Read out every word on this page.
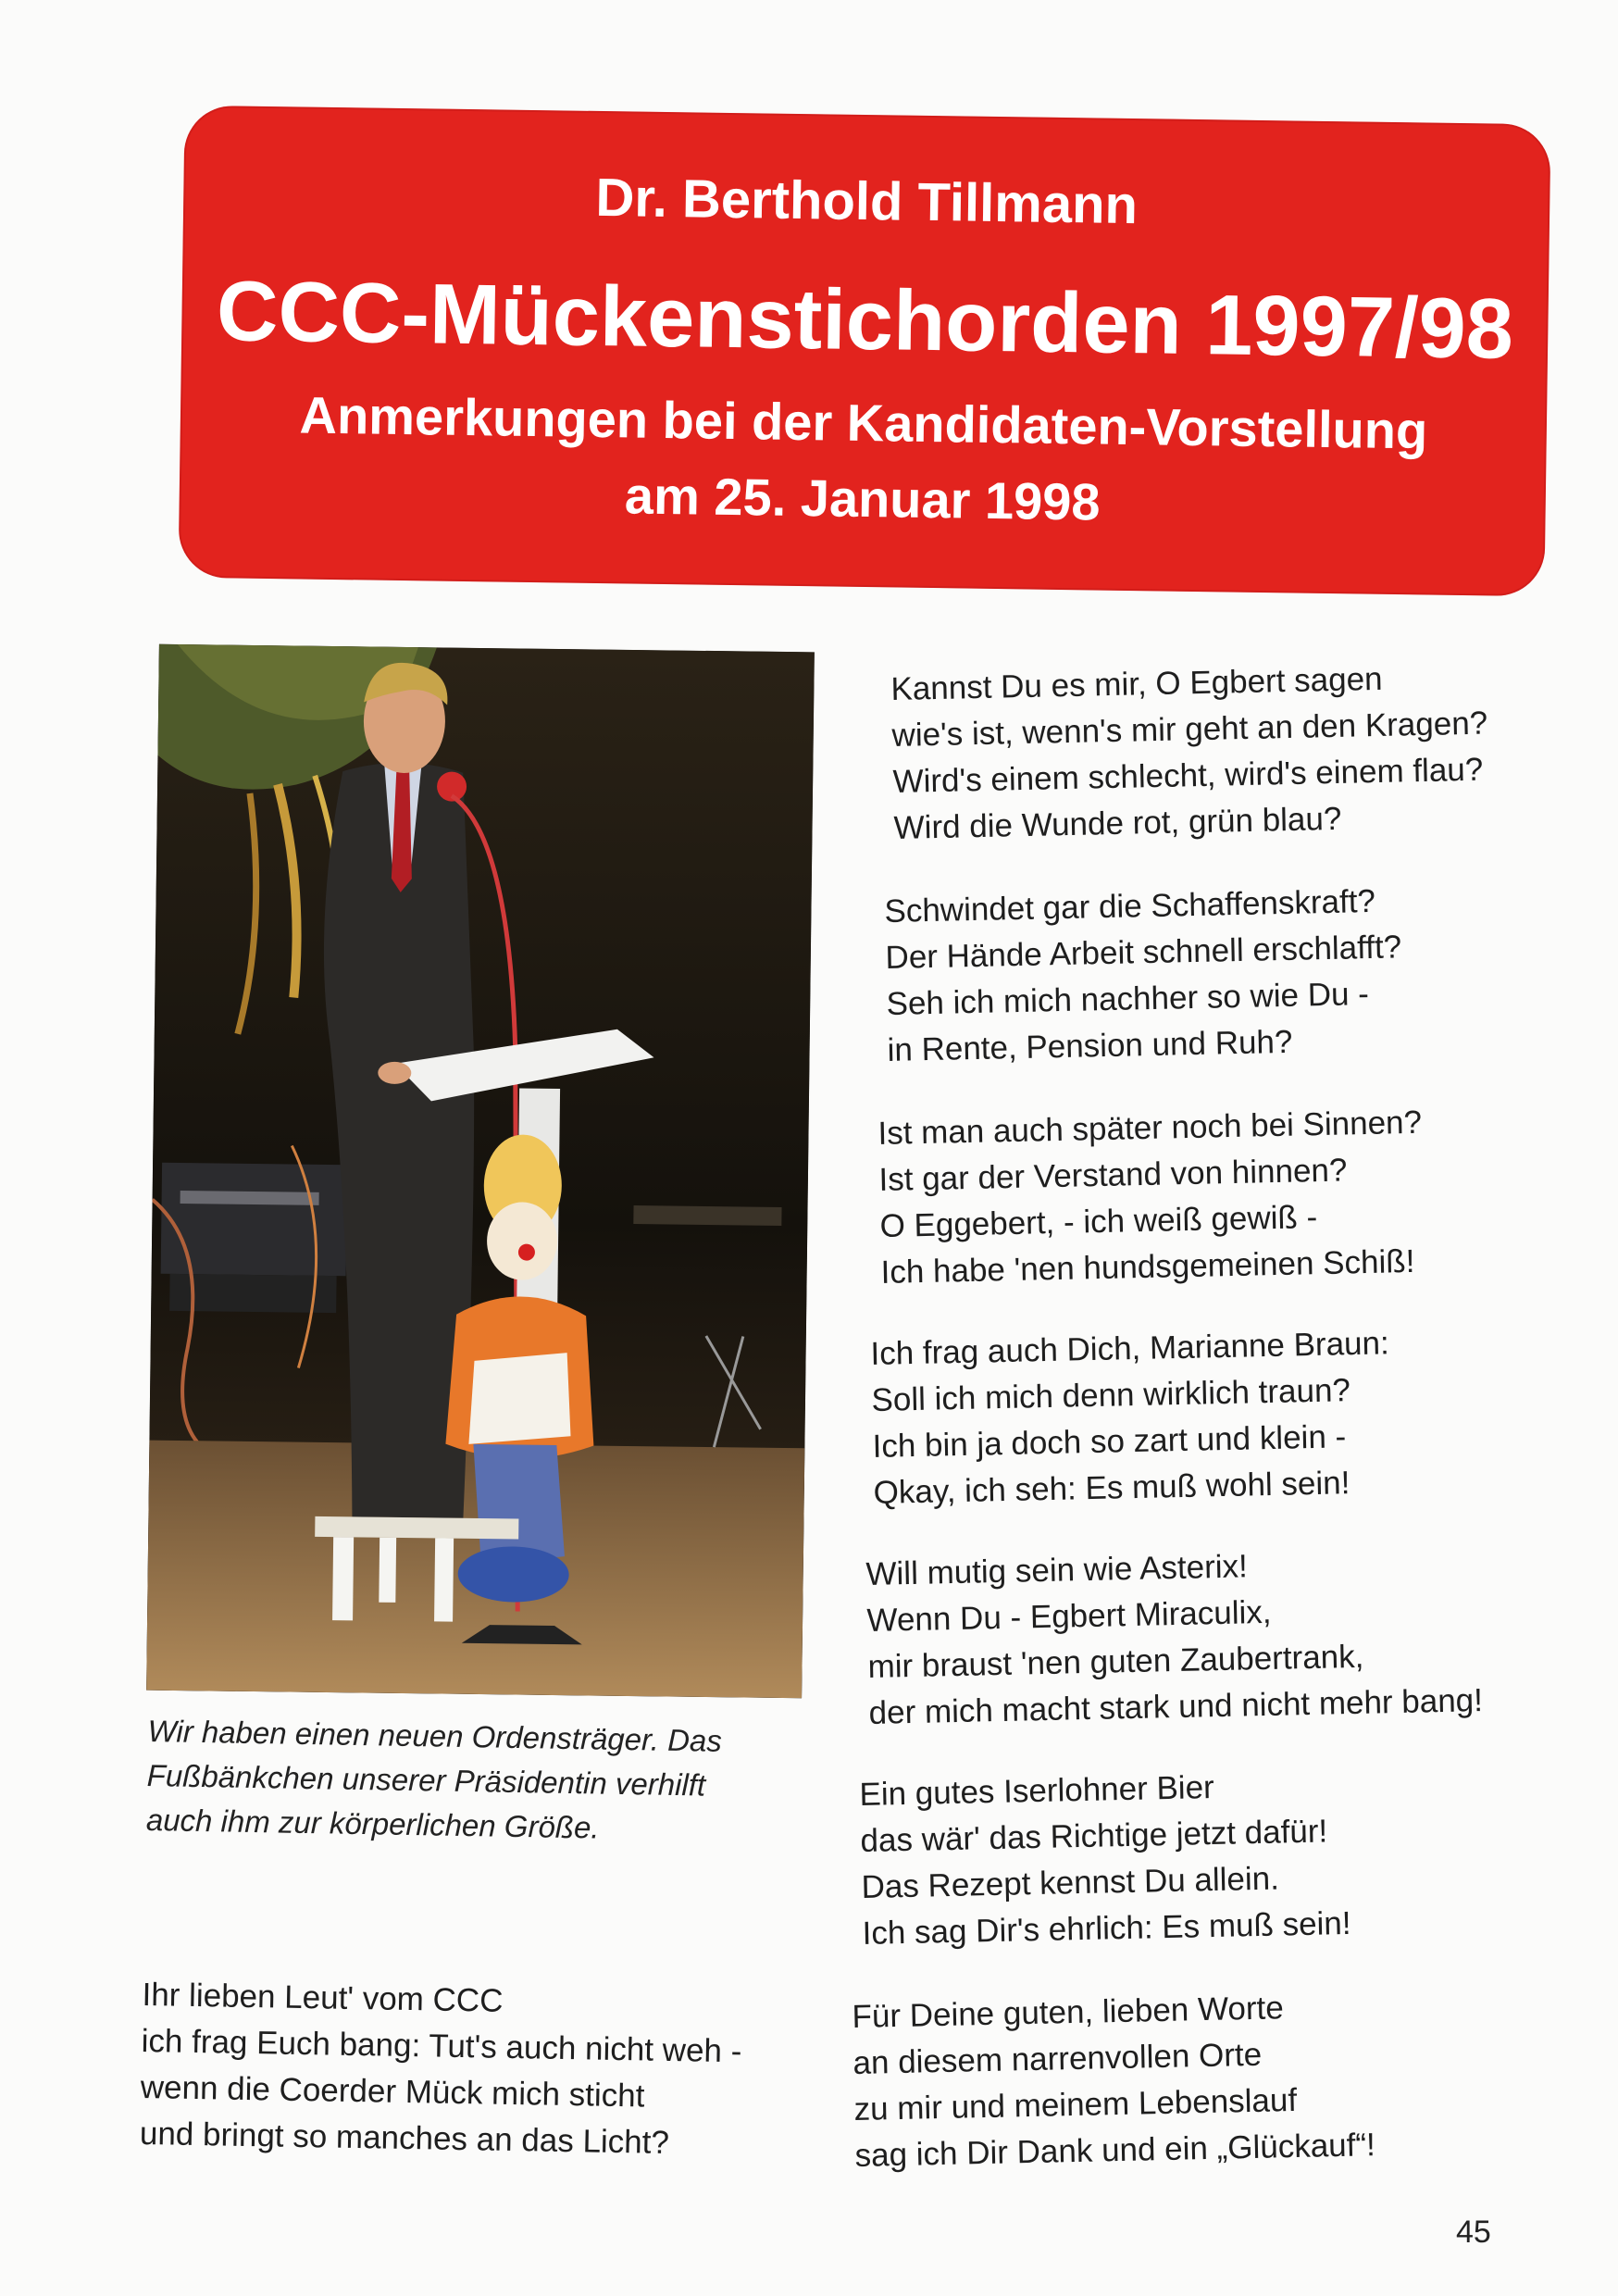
Dr. Berthold Tillmann
CCC-Mückenstichorden 1997/98
Anmerkungen bei der Kandidaten-Vorstellung
am 25. Januar 1998
Wir haben einen neuen Ordensträger. Das
Fußbänkchen unserer Präsidentin verhilft
auch ihm zur körperlichen Größe.
Ihr lieben Leut' vom CCC
ich frag Euch bang: Tut's auch nicht weh -
wenn die Coerder Mück mich sticht
und bringt so manches an das Licht?
Kannst Du es mir, O Egbert sagen
wie's ist, wenn's mir geht an den Kragen?
Wird's einem schlecht, wird's einem flau?
Wird die Wunde rot, grün blau?
Schwindet gar die Schaffenskraft?
Der Hände Arbeit schnell erschlafft?
Seh ich mich nachher so wie Du -
in Rente, Pension und Ruh?
Ist man auch später noch bei Sinnen?
Ist gar der Verstand von hinnen?
O Eggebert, - ich weiß gewiß -
Ich habe 'nen hundsgemeinen Schiß!
Ich frag auch Dich, Marianne Braun:
Soll ich mich denn wirklich traun?
Ich bin ja doch so zart und klein -
Qkay, ich seh: Es muß wohl sein!
Will mutig sein wie Asterix!
Wenn Du - Egbert Miraculix,
mir braust 'nen guten Zaubertrank,
der mich macht stark und nicht mehr bang!
Ein gutes Iserlohner Bier
das wär' das Richtige jetzt dafür!
Das Rezept kennst Du allein.
Ich sag Dir's ehrlich: Es muß sein!
Für Deine guten, lieben Worte
an diesem narrenvollen Orte
zu mir und meinem Lebenslauf
sag ich Dir Dank und ein „Glückauf“!
45
